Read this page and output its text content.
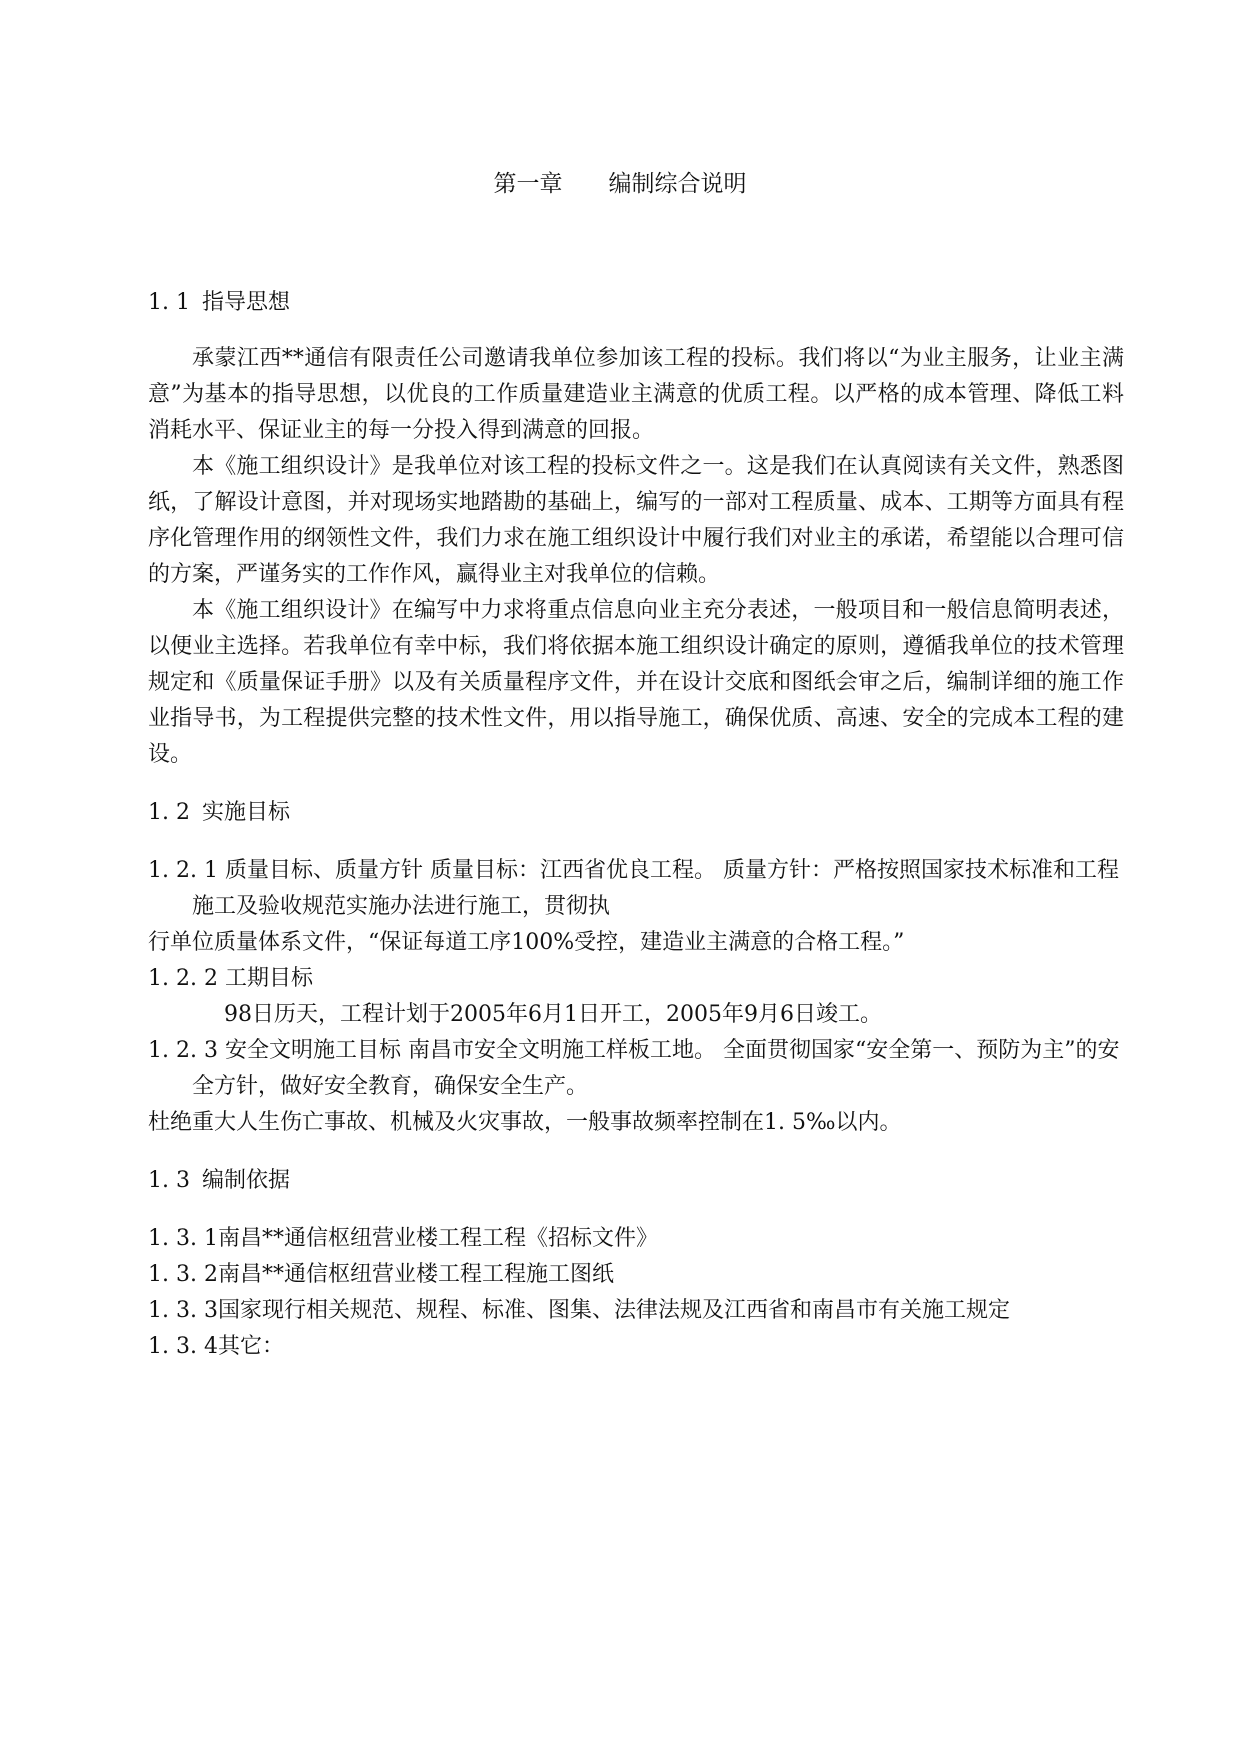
第一章 编制综合说明

1. 1 指导思想

承蒙江西**通信有限责任公司邀请我单位参加该工程的投标。我们将以“为业主服务，让业主满意”为基本的指导思想，以优良的工作质量建造业主满意的优质工程。以严格的成本管理、降低工料消耗水平、保证业主的每一分投入得到满意的回报。

本《施工组织设计》是我单位对该工程的投标文件之一。这是我们在认真阅读有关文件，熟悉图纸，了解设计意图，并对现场实地踏勘的基础上，编写的一部对工程质量、成本、工期等方面具有程序化管理作用的纲领性文件，我们力求在施工组织设计中履行我们对业主的承诺，希望能以合理可信的方案，严谨务实的工作作风，赢得业主对我单位的信赖。

本《施工组织设计》在编写中力求将重点信息向业主充分表述，一般项目和一般信息简明表述，以便业主选择。若我单位有幸中标，我们将依据本施工组织设计确定的原则，遵循我单位的技术管理规定和《质量保证手册》以及有关质量程序文件，并在设计交底和图纸会审之后，编制详细的施工作业指导书，为工程提供完整的技术性文件，用以指导施工，确保优质、高速、安全的完成本工程的建设。

1. 2 实施目标

1. 2. 1 质量目标、质量方针 质量目标：江西省优良工程。 质量方针：严格按照国家技术标准和工程施工及验收规范实施办法进行施工，贯彻执

行单位质量体系文件，“保证每道工序100%受控，建造业主满意的合格工程。”

1. 2. 2 工期目标

98日历天，工程计划于2005年6月1日开工，2005年9月6日竣工。

1. 2. 3 安全文明施工目标 南昌市安全文明施工样板工地。 全面贯彻国家“安全第一、预防为主”的安全方针，做好安全教育，确保安全生产。

杜绝重大人生伤亡事故、机械及火灾事故，一般事故频率控制在1. 5‰以内。

1. 3 编制依据

1. 3. 1南昌**通信枢纽营业楼工程工程《招标文件》

1. 3. 2南昌**通信枢纽营业楼工程工程施工图纸

1. 3. 3国家现行相关规范、规程、标准、图集、法律法规及江西省和南昌市有关施工规定

1. 3. 4其它：
